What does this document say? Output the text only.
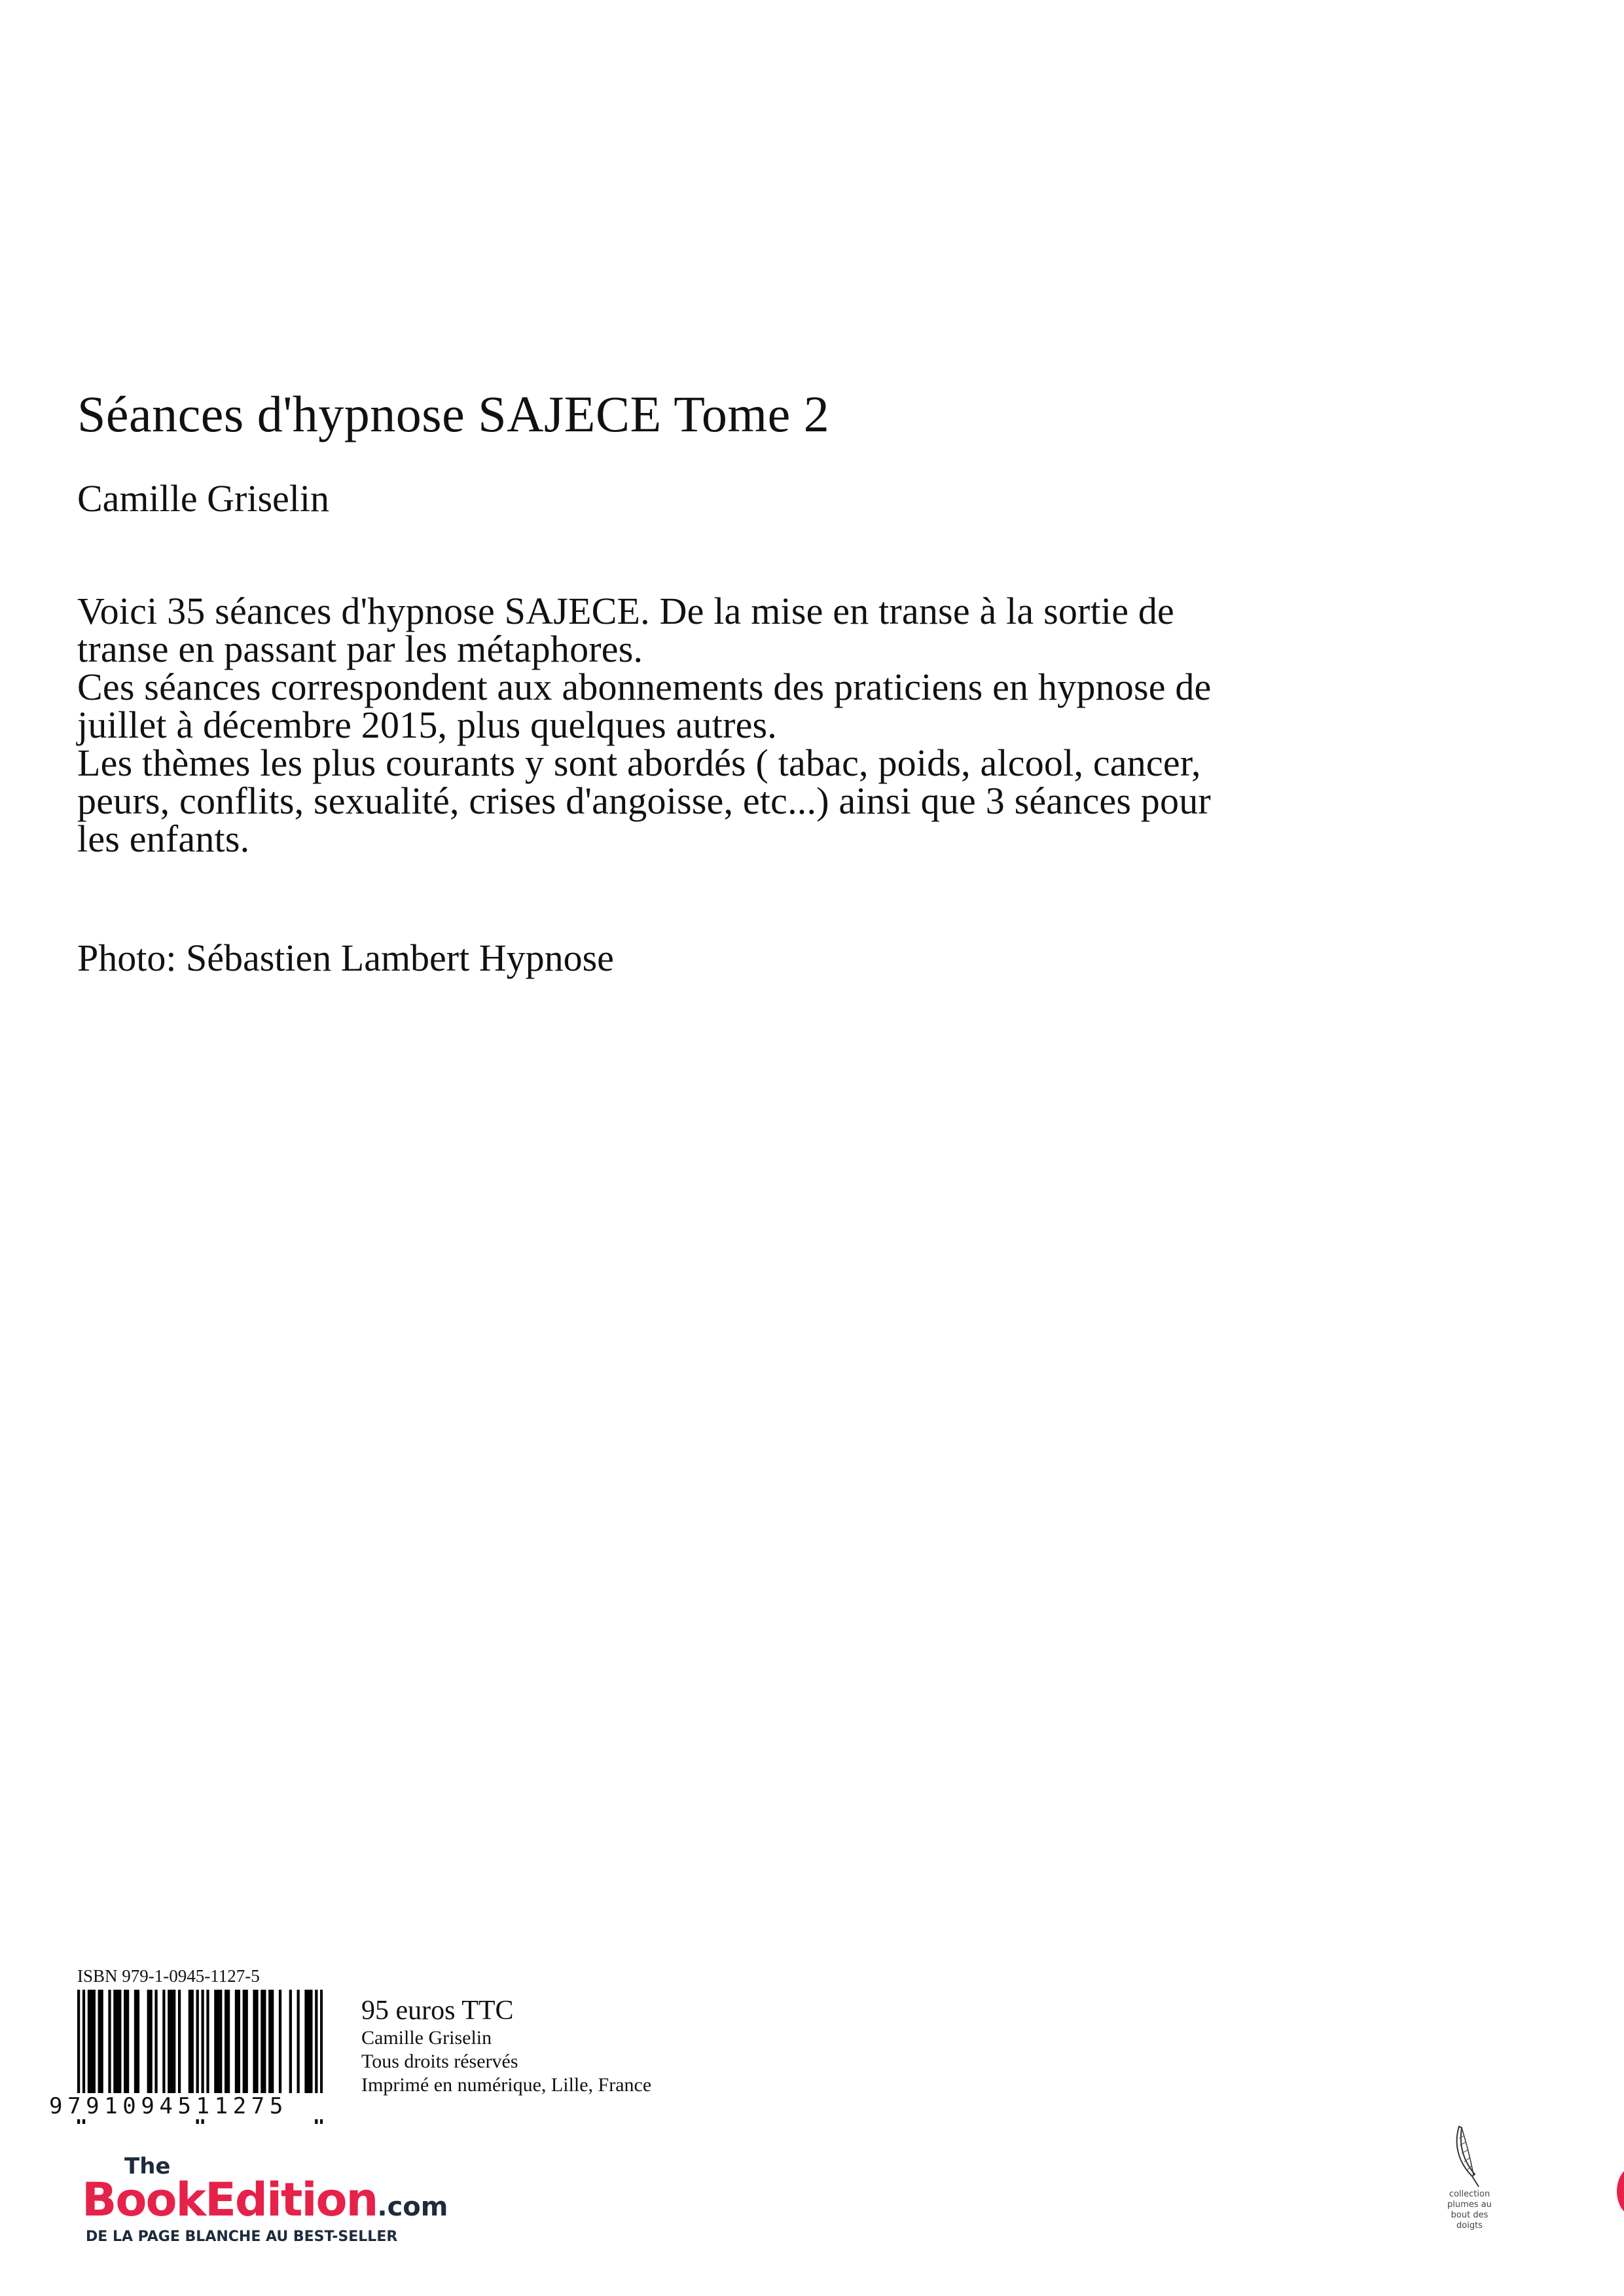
Séances d'hypnose SAJECE Tome 2
Camille Griselin

Voici 35 séances d'hypnose SAJECE. De la mise en transe à la sortie de transe en passant par les métaphores.

Ces séances correspondent aux abonnements des praticiens en hypnose de juillet à décembre 2015, plus quelques autres.

Les thèmes les plus courants y sont abordés ( tabac, poids, alcool, cancer, peurs, conflits, sexualité, crises d'angoisse, etc...) ainsi que 3 séances pour les enfants.

Photo: Sébastien Lambert Hypnose
ISBN 979-1-0945-1127-5
9791094511275
95 euros TTC
Camille Griselin
Tous droits réservés
Imprimé en numérique, Lille, France
The
BookEdition.com
DE LA PAGE BLANCHE AU BEST-SELLER
collection
plumes au
bout des
doigts
